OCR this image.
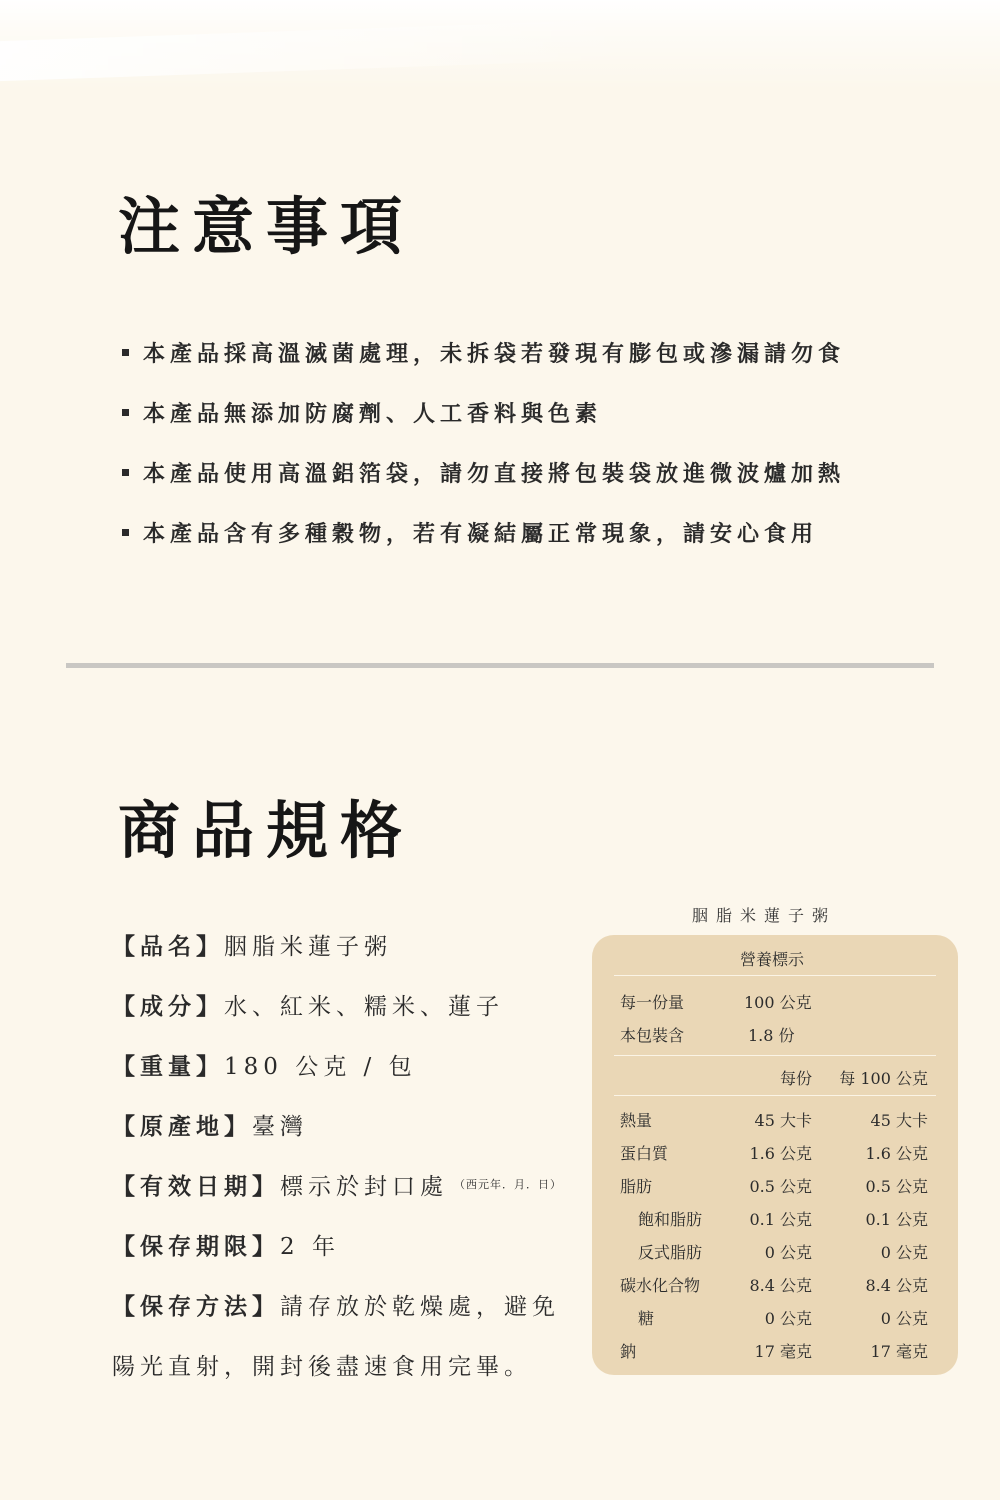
注意事項
本產品採高溫滅菌處理，未拆袋若發現有膨包或滲漏請勿食
本產品無添加防腐劑、人工香料與色素
本產品使用高溫鋁箔袋，請勿直接將包裝袋放進微波爐加熱
本產品含有多種穀物，若有凝結屬正常現象，請安心食用
商品規格
【品名】 胭脂米蓮子粥
【成分】 水、紅米、糯米、蓮子
【重量】 180 公克 / 包
【原產地】 臺灣
【有效日期】 標示於封口處 （西元年．月．日）
【保存期限】 2 年
【保存方法】 請存放於乾燥處，避免
陽光直射，開封後盡速食用完畢。
胭脂米蓮子粥
營養標示
每一份量	100 公克
本包裝含	1.8 份
每份	每 100 公克
熱量	45 大卡	45 大卡
蛋白質	1.6 公克	1.6 公克
脂肪	0.5 公克	0.5 公克
飽和脂肪	0.1 公克	0.1 公克
反式脂肪	0 公克	0 公克
碳水化合物	8.4 公克	8.4 公克
糖	0 公克	0 公克
鈉	17 毫克	17 毫克
